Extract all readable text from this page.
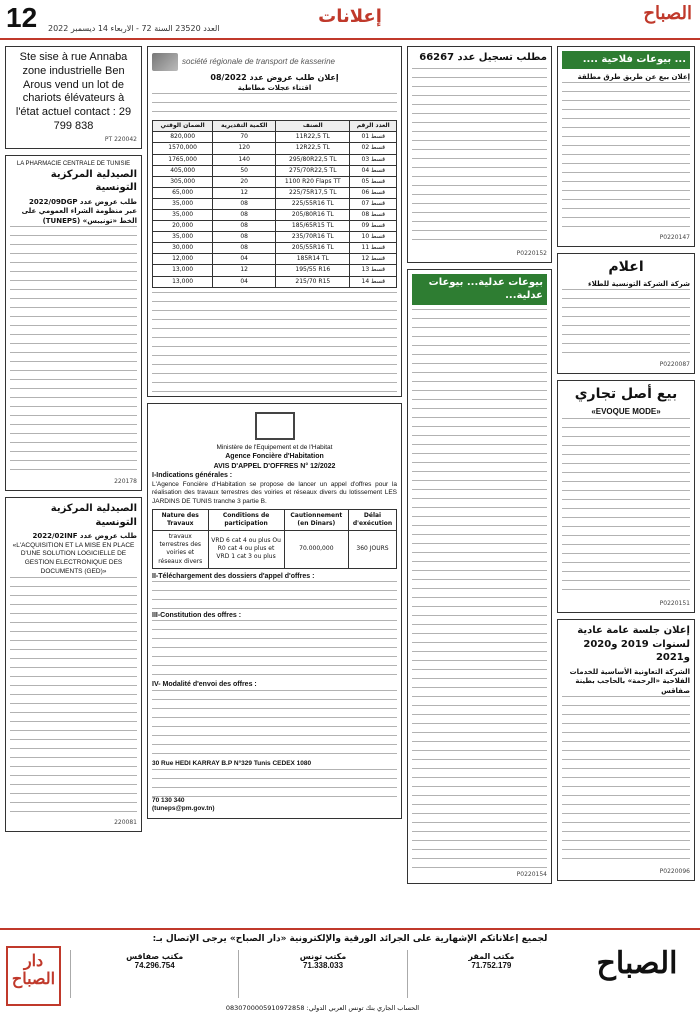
12 العدد 23520 السنة 72 - الاربعاء 14 ديسمبر 2022
إعلانات	الصباح
Ste sise à rue Annaba zone industrielle Ben Arous vend un lot de chariots élévateurs à l'état actuel contact : 29 799 838
PT 220042
LA PHARMACIE CENTRALE DE TUNISIE
الصيدلية المركزية التونسية
طلب عروض عدد 2022/09DGP
عبر منظومة الشراء العمومي على الخط «تونيبس» (TUNEPS)
220178
الصيدلية المركزية التونسية
طلب عروض عدد 2022/02INF
«L'ACQUISITION ET LA MISE EN PLACE D'UNE SOLUTION LOGICIELLE DE GESTION ELECTRONIQUE DES DOCUMENTS (GED)»
220081
société régionale de transport de kasserine
إعلان طلب عروض عدد 08/2022
اقتناء عجلات مطاطية
الضمان الوقتي	الكمية التقديرية	الصنف	العدد الرقم
820,000	70	11R22,5 TL	قسط 01
1570,000	120	12R22,5 TL	قسط 02
1765,000	140	295/80R22,5 TL	قسط 03
405,000	50	275/70R22,5 TL	قسط 04
305,000	20	1100 R20 Flaps TT	قسط 05
65,000	12	225/75R17,5 TL	قسط 06
35,000	08	225/55R16 TL	قسط 07
35,000	08	205/80R16 TL	قسط 08
20,000	08	185/65R15 TL	قسط 09
35,000	08	235/70R16 TL	قسط 10
30,000	08	205/55R16 TL	قسط 11
12,000	04	185R14 TL	قسط 12
13,000	12	195/55 R16	قسط 13
13,000	04	215/70 R15	قسط 14
Ministère de l'Equipement et de l'Habitat
Agence Foncière d'Habitation
AVIS D'APPEL D'OFFRES N° 12/2022
I-Indications générales :
L'Agence Foncière d'Habitation se propose de lancer un appel d'offres pour la réalisation des travaux terrestres des voiries et réseaux divers du lotissement LES JARDINS DE TUNIS tranche 3 partie B.
Nature des Travaux	Conditions de participation	Cautionnement (en Dinars)	Délai d'exécution
travaux terrestres des voiries et réseaux divers	VRD 6 cat 4 ou plus Ou R0 cat 4 ou plus et VRD 1 cat 3 ou plus	70.000,000	360 JOURS
II-Téléchargement des dossiers d'appel d'offres :
III-Constitution des offres :
IV- Modalité d'envoi des offres :
30 Rue HEDI KARRAY B.P N°329 Tunis CEDEX 1080
70 130 340
(tuneps@pm.gov.tn)
مطلب تسجيل عدد 66267
P0220152
بيوعات عدلية... بيوعات عدلية...
P0220154
... بيوعات فلاحية ....
إعلان بيع عن طريق طرق مطلقة
P0220147
اعلام
شركة الشركة التونسية للطلاء
P0220087
بيع أصل تجاري
«EVOQUE MODE»
P0220151
إعلان جلسة عامة عادية لسنوات 2019 و2020 و2021
الشركة التعاونية الأساسية للخدمات الفلاحية «الرحمة» بالحاجب بطينة صفاقس
P0220096
لجميع إعلاناتكم الإشهارية على الجرائد الورقية والإلكترونية «دار الصباح» يرجى الإتصال بـ:
الصباح
دار
الصباح
مكتب المقر
71.752.179
مكتب تونس
71.338.033
مكتب صفاقس
74.296.754
الحساب الجاري بنك تونس العربي الدولي: 0830700005910972858
